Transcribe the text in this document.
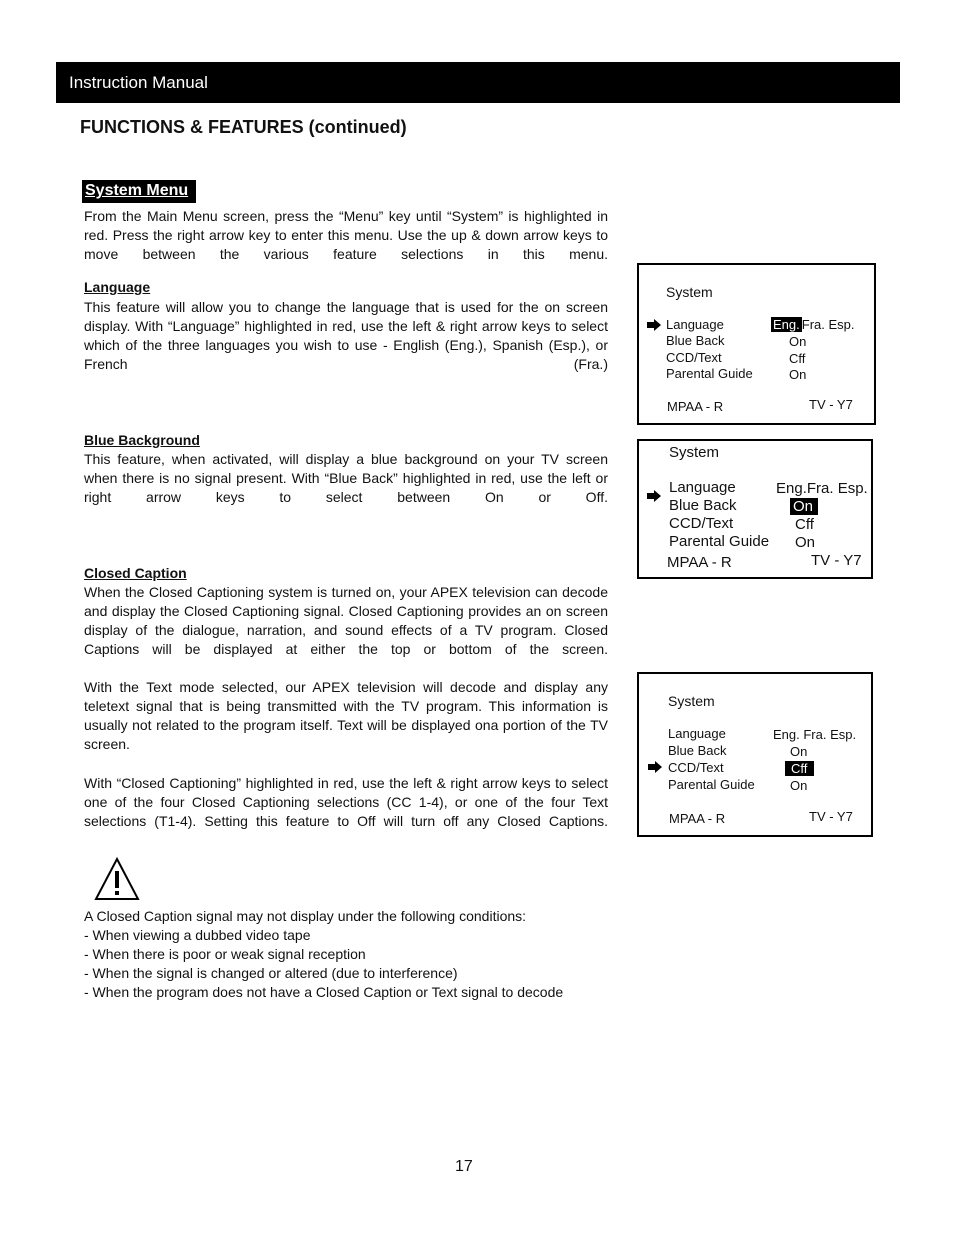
Instruction Manual
FUNCTIONS & FEATURES (continued)
System Menu

From the Main Menu screen, press the “Menu” key until “System” is highlighted in red. Press the right arrow key to enter this menu. Use the up & down arrow keys to move between the various feature selections in this menu.

Language

This feature will allow you to change the language that is used for the on screen display. With “Language” highlighted in red, use the left & right arrow keys to select which of the three languages you wish to use - English (Eng.), Spanish (Esp.), or French (Fra.)

Blue Background

This feature, when activated, will display a blue background on your TV screen when there is no signal present. With “Blue Back” highlighted in red, use the left or right arrow keys to select between On or Off.

Closed Caption

When the Closed Captioning system is turned on, your APEX television can decode and display the Closed Captioning signal. Closed Captioning provides an on screen display of the dialogue, narration, and sound effects of a TV program. Closed Captions will be displayed at either the top or bottom of the screen.

With the Text mode selected, our APEX television will decode and display any teletext signal that is being transmitted with the TV program. This information is usually not related to the program itself. Text will be displayed ona portion of the TV screen.

With “Closed Captioning” highlighted in red, use the left & right arrow keys to select one of the four Closed Captioning selections (CC 1-4), or one of the four Text selections (T1-4). Setting this feature to Off will turn off any Closed Captions.

A Closed Caption signal may not display under the following conditions:
- When viewing a dubbed video tape
- When there is poor or weak signal reception
- When the signal is changed or altered (due to interference)
- When the program does not have a Closed Caption or Text signal to decode
System
Language	Eng. Fra. Esp.
Blue Back	On
CCD/Text	Cff
Parental Guide	On
MPAA - R	TV - Y7
System
Language	Eng.Fra. Esp.
Blue Back	On
CCD/Text	Cff
Parental Guide On
MPAA - R	TV - Y7
System
Language	Eng. Fra. Esp.
Blue Back	On
CCD/Text	Cff
Parental Guide	On
MPAA - R	TV - Y7
17
